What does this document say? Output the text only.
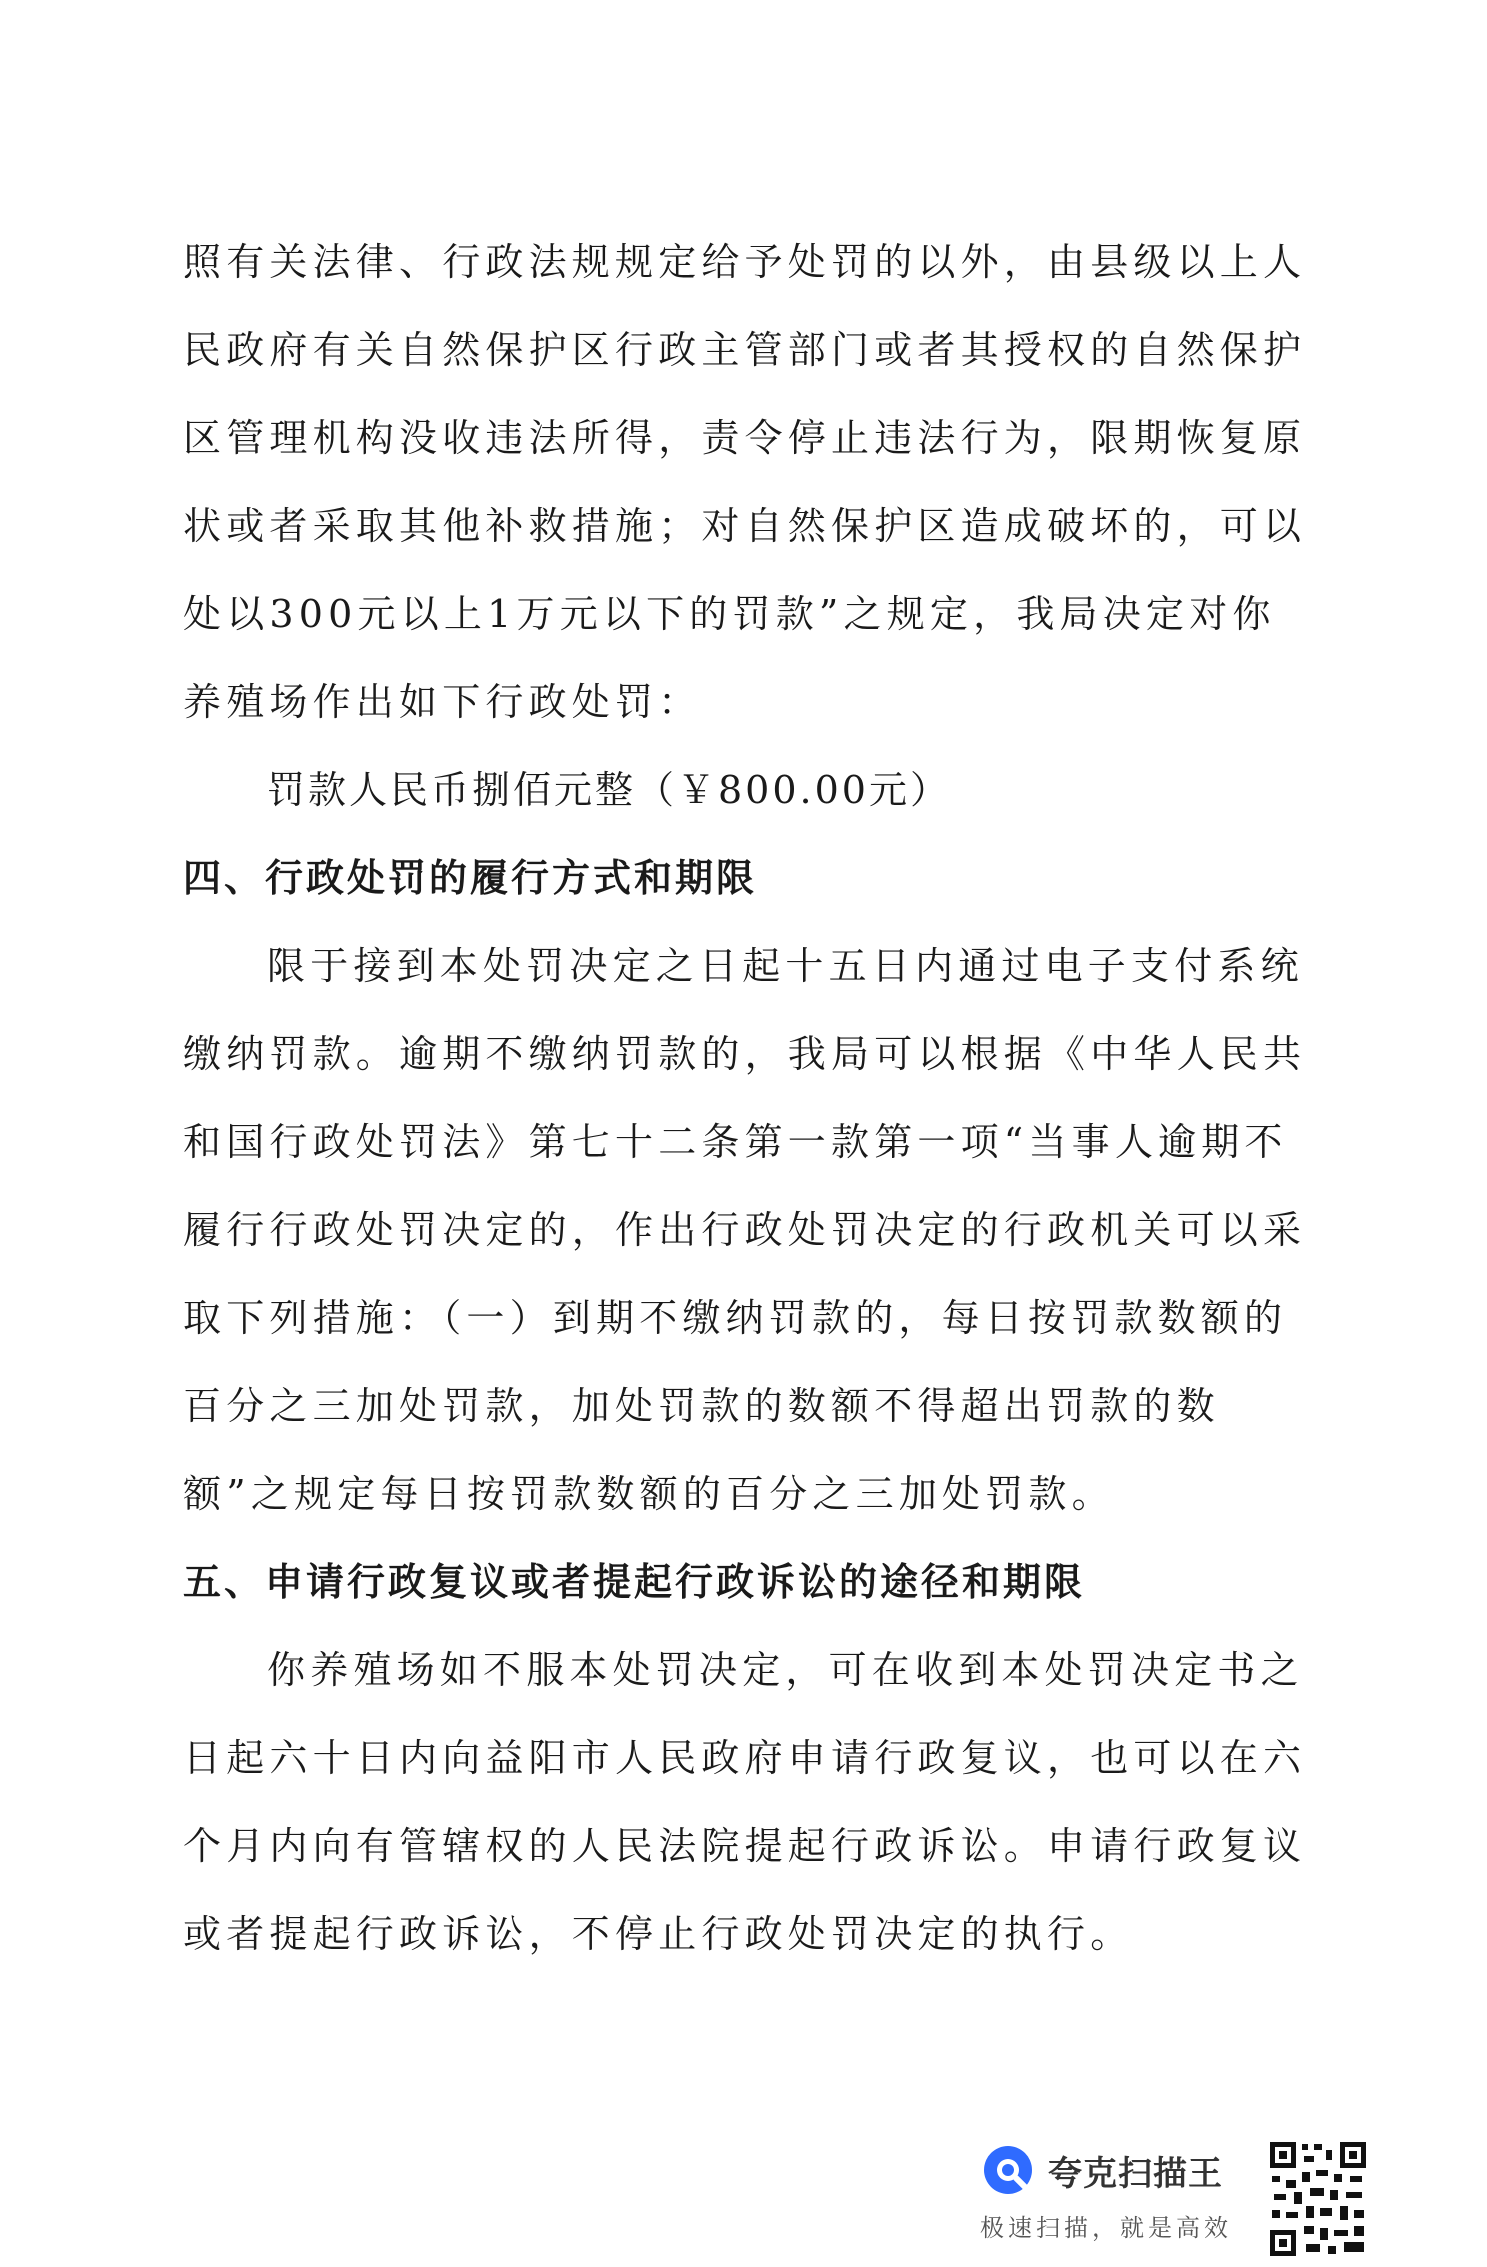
照有关法律、行政法规规定给予处罚的以外，由县级以上人民政府有关自然保护区行政主管部门或者其授权的自然保护区管理机构没收违法所得，责令停止违法行为，限期恢复原状或者采取其他补救措施；对自然保护区造成破坏的，可以处以300元以上1万元以下的罚款”之规定，我局决定对你养殖场作出如下行政处罚：

罚款人民币捌佰元整（￥800.00元）

四、行政处罚的履行方式和期限

限于接到本处罚决定之日起十五日内通过电子支付系统缴纳罚款。逾期不缴纳罚款的，我局可以根据《中华人民共和国行政处罚法》第七十二条第一款第一项“当事人逾期不履行行政处罚决定的，作出行政处罚决定的行政机关可以采取下列措施：（一）到期不缴纳罚款的，每日按罚款数额的百分之三加处罚款，加处罚款的数额不得超出罚款的数额”之规定每日按罚款数额的百分之三加处罚款。

五、申请行政复议或者提起行政诉讼的途径和期限

你养殖场如不服本处罚决定，可在收到本处罚决定书之日起六十日内向益阳市人民政府申请行政复议，也可以在六个月内向有管辖权的人民法院提起行政诉讼。申请行政复议或者提起行政诉讼，不停止行政处罚决定的执行。

夸克扫描王
极速扫描，就是高效
